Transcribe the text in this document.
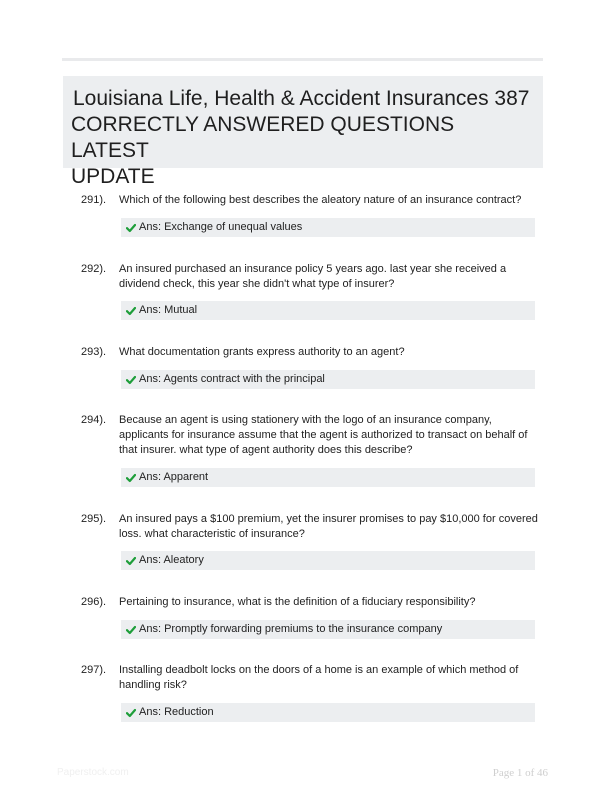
Louisiana Life, Health & Accident Insurances 387
CORRECTLY ANSWERED QUESTIONS LATEST
UPDATE
291). Which of the following best describes the aleatory nature of an insurance contract?
Ans: Exchange of unequal values
292). An insured purchased an insurance policy 5 years ago. last year she received a dividend check, this year she didn't what type of insurer?
Ans: Mutual
293). What documentation grants express authority to an agent?
Ans: Agents contract with the principal
294). Because an agent is using stationery with the logo of an insurance company, applicants for insurance assume that the agent is authorized to transact on behalf of that insurer. what type of agent authority does this describe?
Ans: Apparent
295). An insured pays a $100 premium, yet the insurer promises to pay $10,000 for covered loss. what characteristic of insurance?
Ans: Aleatory
296). Pertaining to insurance, what is the definition of a fiduciary responsibility?
Ans: Promptly forwarding premiums to the insurance company
297). Installing deadbolt locks on the doors of a home is an example of which method of handling risk?
Ans: Reduction
Paperstock.com	Page 1 of 46
